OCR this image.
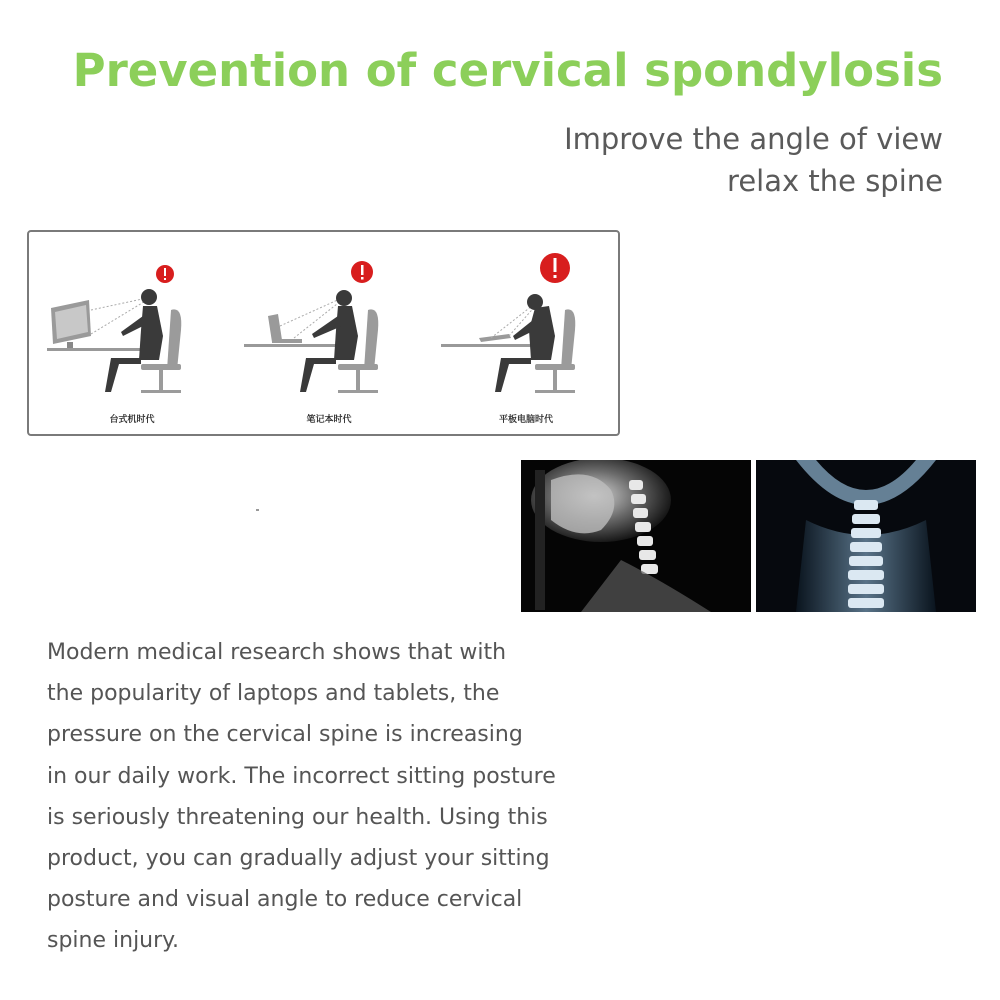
Prevention of cervical spondylosis
Improve the angle of view
relax the spine
台式机时代	笔记本时代	平板电脑时代
Modern medical research shows that with
the popularity of laptops and tablets, the
pressure on the cervical spine is increasing
in our daily work. The incorrect sitting posture
is seriously threatening our health. Using this
product, you can gradually adjust your sitting
posture and visual angle to reduce cervical
spine injury.
